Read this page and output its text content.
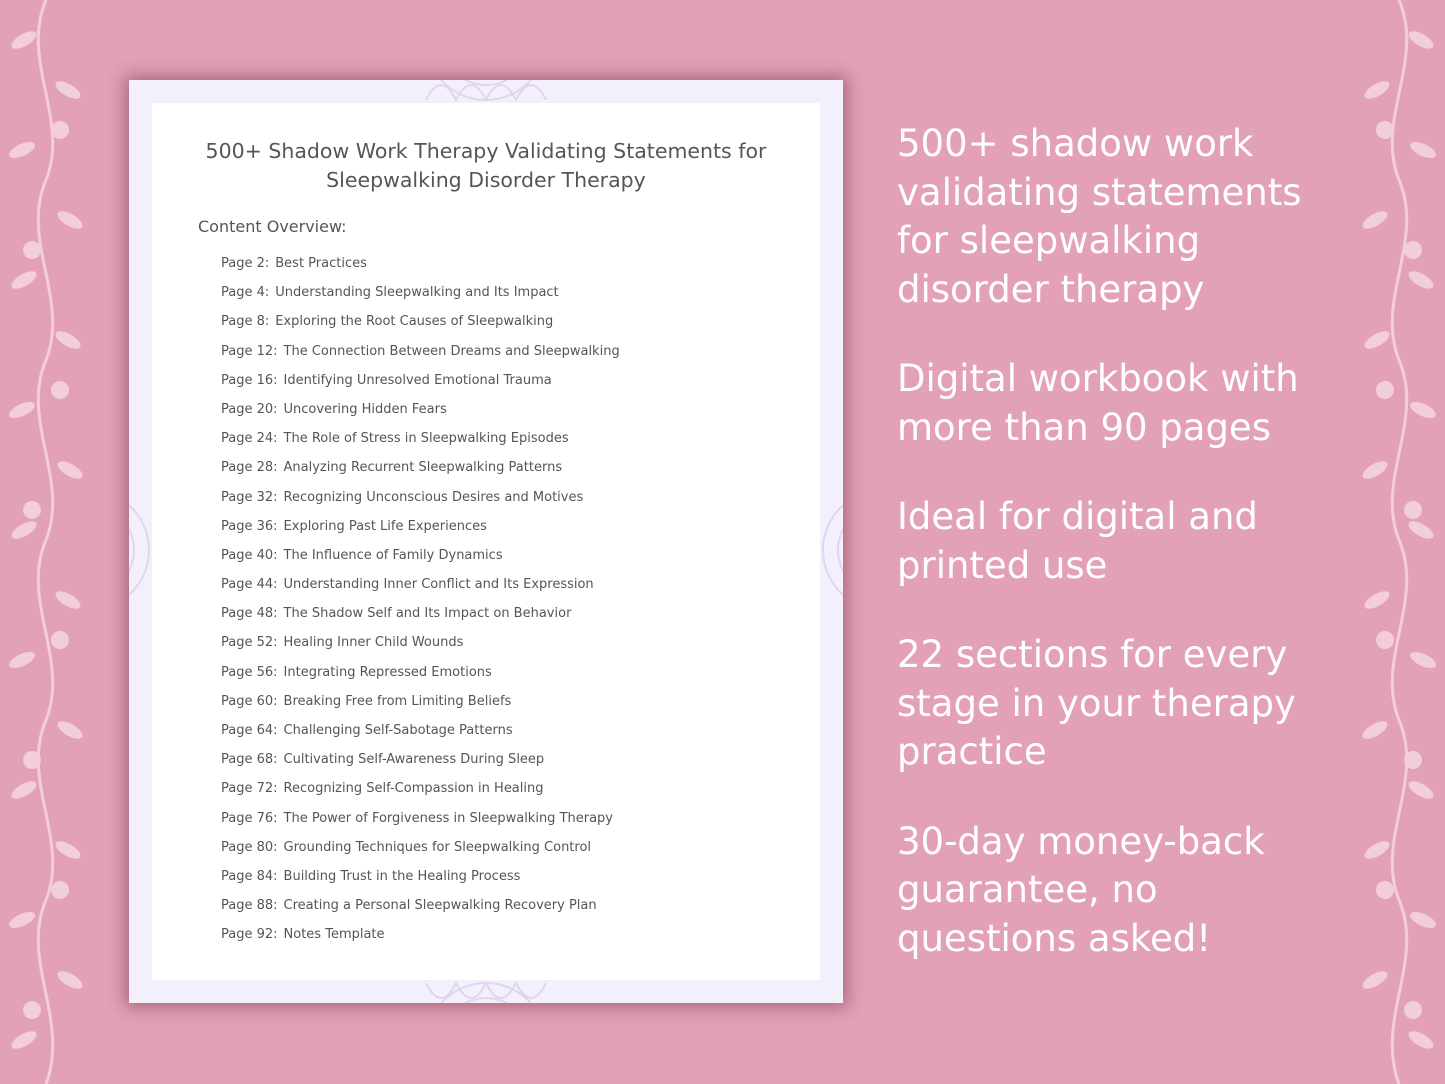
500+ Shadow Work Therapy Validating Statements for
Sleepwalking Disorder Therapy
Content Overview:
Page 2: Best Practices
Page 4: Understanding Sleepwalking and Its Impact
Page 8: Exploring the Root Causes of Sleepwalking
Page 12: The Connection Between Dreams and Sleepwalking
Page 16: Identifying Unresolved Emotional Trauma
Page 20: Uncovering Hidden Fears
Page 24: The Role of Stress in Sleepwalking Episodes
Page 28: Analyzing Recurrent Sleepwalking Patterns
Page 32: Recognizing Unconscious Desires and Motives
Page 36: Exploring Past Life Experiences
Page 40: The Influence of Family Dynamics
Page 44: Understanding Inner Conflict and Its Expression
Page 48: The Shadow Self and Its Impact on Behavior
Page 52: Healing Inner Child Wounds
Page 56: Integrating Repressed Emotions
Page 60: Breaking Free from Limiting Beliefs
Page 64: Challenging Self-Sabotage Patterns
Page 68: Cultivating Self-Awareness During Sleep
Page 72: Recognizing Self-Compassion in Healing
Page 76: The Power of Forgiveness in Sleepwalking Therapy
Page 80: Grounding Techniques for Sleepwalking Control
Page 84: Building Trust in the Healing Process
Page 88: Creating a Personal Sleepwalking Recovery Plan
Page 92: Notes Template
500+ shadow work
validating statements
for sleepwalking
disorder therapy
Digital workbook with
more than 90 pages
Ideal for digital and
printed use
22 sections for every
stage in your therapy
practice
30-day money-back
guarantee, no
questions asked!
